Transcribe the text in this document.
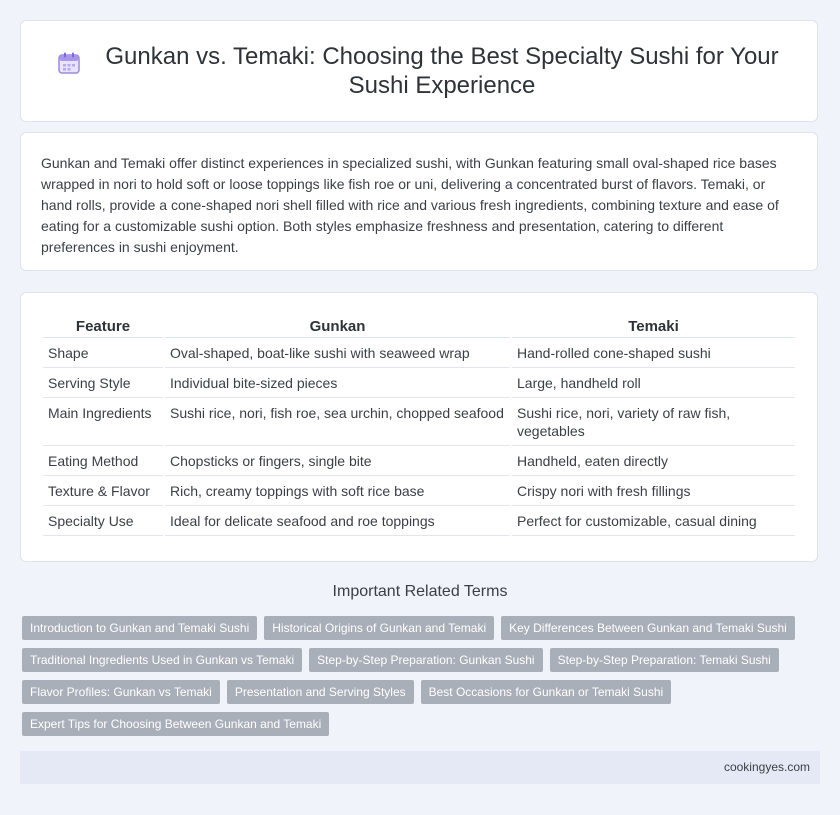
Gunkan vs. Temaki: Choosing the Best Specialty Sushi for Your Sushi Experience

Gunkan and Temaki offer distinct experiences in specialized sushi, with Gunkan featuring small oval-shaped rice bases wrapped in nori to hold soft or loose toppings like fish roe or uni, delivering a concentrated burst of flavors. Temaki, or hand rolls, provide a cone-shaped nori shell filled with rice and various fresh ingredients, combining texture and ease of eating for a customizable sushi option. Both styles emphasize freshness and presentation, catering to different preferences in sushi enjoyment.

Feature	Gunkan	Temaki
Shape	Oval-shaped, boat-like sushi with seaweed wrap	Hand-rolled cone-shaped sushi
Serving Style	Individual bite-sized pieces	Large, handheld roll
Main Ingredients	Sushi rice, nori, fish roe, sea urchin, chopped seafood	Sushi rice, nori, variety of raw fish, vegetables
Eating Method	Chopsticks or fingers, single bite	Handheld, eaten directly
Texture & Flavor	Rich, creamy toppings with soft rice base	Crispy nori with fresh fillings
Specialty Use	Ideal for delicate seafood and roe toppings	Perfect for customizable, casual dining
Important Related Terms
Introduction to Gunkan and Temaki Sushi	Historical Origins of Gunkan and Temaki	Key Differences Between Gunkan and Temaki Sushi
Traditional Ingredients Used in Gunkan vs Temaki	Step-by-Step Preparation: Gunkan Sushi	Step-by-Step Preparation: Temaki Sushi
Flavor Profiles: Gunkan vs Temaki	Presentation and Serving Styles	Best Occasions for Gunkan or Temaki Sushi
Expert Tips for Choosing Between Gunkan and Temaki
cookingyes.com
